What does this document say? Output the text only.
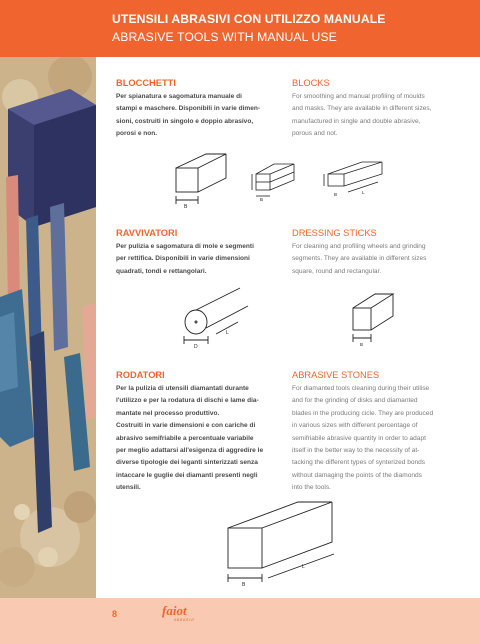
UTENSILI ABRASIVI CON UTILIZZO MANUALE
ABRASIVE TOOLS WITH MANUAL USE
BLOCCHETTI	BLOCKS
Per spianatura e sagomatura manuale di
stampi e maschere. Disponibili in varie dimen-
sioni, costruiti in singolo e doppio abrasivo,
porosi e non.
For smoothing and manual profiling of moulds
and masks. They are available in different sizes,
manufactured in single and double abrasive,
porous and not.
B
B
L
B
RAVVIVATORI	DRESSING STICKS
Per pulizia e sagomatura di mole e segmenti
per rettifica. Disponibili in varie dimensioni
quadrati, tondi e rettangolari.
For cleaning and profiling wheels and grinding
segments. They are available in different sizes
square, round and rectangular.
D
L
B
RODATORI	ABRASIVE STONES
Per la pulizia di utensili diamantati durante
l'utilizzo e per la rodatura di dischi e lame dia-
mantate nel processo produttivo.
Costruiti in varie dimensioni e con cariche di
abrasivo semifriabile a percentuale variabile
per meglio adattarsi all'esigenza di aggredire le
diverse tipologie dei leganti sinterizzati senza
intaccare le guglie dei diamanti presenti negli
utensili.
For diamanted tools cleaning during their utilise
and for the grinding of disks and diamanted
blades in the producing cicle. They are produced
in various sizes with different percentage of
semifriabile abrasive quantity in order to adapt
itself in the better way to the necessity of at-
tacking the different types of synterized bonds
without damaging the points of the diamonds
into the tools.
B
L
8	faiot
ABRASIVI
